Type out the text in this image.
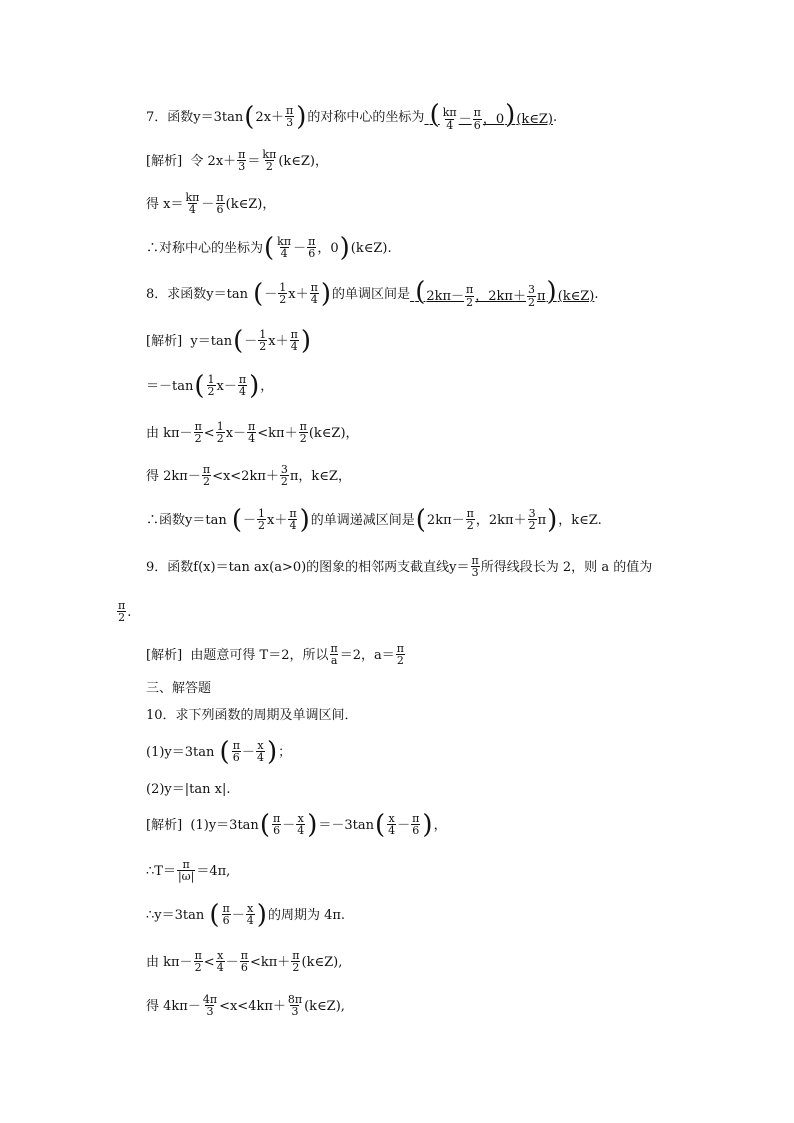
7． 函数 y＝3tan ( $2x+ \frac{\pi}{3}$ ) 的对称中心的坐标为 ( $\frac{k\pi}{4} - \frac{\pi}{6}$ ，0)(k∈Z) .
[解析]
令 $2x+ \frac{\pi}{3} = \frac{k\pi}{2}$ (k∈Z) ，
得 $x= \frac{k\pi}{4} - \frac{\pi}{6}$ (k∈Z) ，
∴对称中心的坐标为 ( $\frac{k\pi}{4} - \frac{\pi}{6}$ ，0 ) (k∈Z).
8． 求函数y＝tan
( － $\frac{1}{2} x+ \frac{\pi}{4}$ ) 的单调区间是 ($2k\pi- \frac{\pi}{2}$ ，$2k\pi+ \frac{3}{2}$ π)(k∈Z) .
[解析]
y＝tan ( － $\frac{1}{2} x+ \frac{\pi}{4}$ )
＝－tan ( $\frac{1}{2} x- \frac{\pi}{4}$ ) ，
由 $k\pi- \frac{\pi}{2} < \frac{1}{2} x- \frac{\pi}{4} <k\pi+ \frac{\pi}{2}$ (k∈Z)，
得 $2k\pi- \frac{\pi}{2} <x<2k\pi+ \frac{3}{2}$ π，k∈Z，
∴函数y＝tan
( － $\frac{1}{2} x+ \frac{\pi}{4}$ ) 的单调递减区间是 ( $2k\pi- \frac{\pi}{2}$ ，$2k\pi+ \frac{3}{2}$ π ) ，k∈Z.
9． 函数f(x)＝tan ax(a>0)的图象的相邻两支截直线$y= \frac{\pi}{3}$ 所得线段长为 2，则 a 的值为
$\frac{\pi}{2}$ .
[解析]
由题意可得 T＝2，所以 $\frac{\pi}{a} =2$，$a= \frac{\pi}{2}$
三、解答题
10． 求下列函数的周期及单调区间．
(1)y＝3tan
( $\frac{\pi}{6} - \frac{x}{4}$ ) ；
(2)y＝|tan x|.
[解析]
(1)y＝3tan ( $\frac{\pi}{6} - \frac{x}{4}$ ) ＝－3tan ( $\frac{x}{4} - \frac{\pi}{6}$ ) ，
∴T＝ $\frac{\pi}{|\omega|} =4\pi$,
∴y＝3tan
( $\frac{\pi}{6} - \frac{x}{4}$ ) 的周期为 4π.
由 $k\pi- \frac{\pi}{2} < \frac{x}{4} - \frac{\pi}{6} <k\pi+ \frac{\pi}{2}$ (k∈Z),
得 $4k\pi- \frac{4\pi}{3} <x<4k\pi+ \frac{8\pi}{3}$ (k∈Z),
